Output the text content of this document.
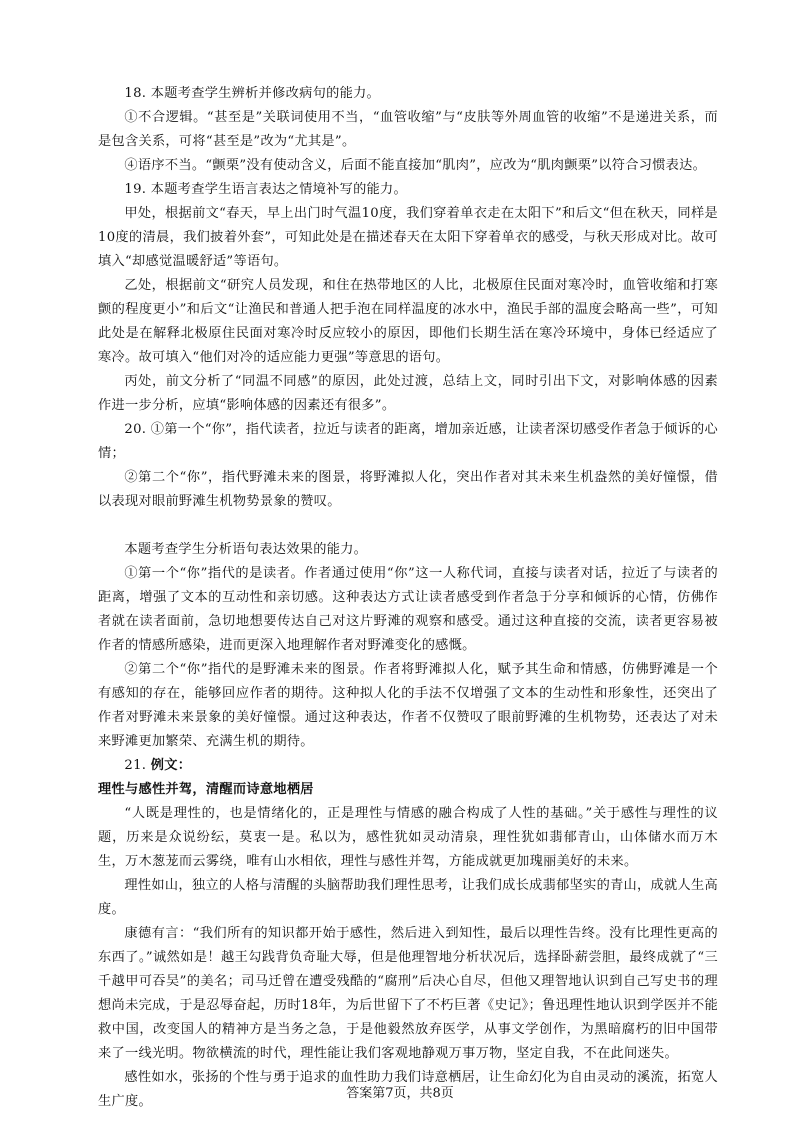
18. 本题考查学生辨析并修改病句的能力。

①不合逻辑。“甚至是”关联词使用不当，“血管收缩”与“皮肤等外周血管的收缩”不是递进关系，而是包含关系，可将“甚至是”改为“尤其是”。

④语序不当。“颤栗”没有使动含义，后面不能直接加“肌肉”，应改为“肌肉颤栗”以符合习惯表达。

19. 本题考查学生语言表达之情境补写的能力。

甲处，根据前文“春天，早上出门时气温10度，我们穿着单衣走在太阳下”和后文“但在秋天，同样是10度的清晨，我们披着外套”，可知此处是在描述春天在太阳下穿着单衣的感受，与秋天形成对比。故可填入“却感觉温暖舒适”等语句。

乙处，根据前文“研究人员发现，和住在热带地区的人比，北极原住民面对寒冷时，血管收缩和打寒颤的程度更小”和后文“让渔民和普通人把手泡在同样温度的冰水中，渔民手部的温度会略高一些”，可知此处是在解释北极原住民面对寒冷时反应较小的原因，即他们长期生活在寒冷环境中，身体已经适应了寒冷。故可填入“他们对冷的适应能力更强”等意思的语句。

丙处，前文分析了“同温不同感”的原因，此处过渡，总结上文，同时引出下文，对影响体感的因素作进一步分析，应填“影响体感的因素还有很多”。

20. ①第一个“你”，指代读者，拉近与读者的距离，增加亲近感，让读者深切感受作者急于倾诉的心情；

②第二个“你”，指代野滩未来的图景，将野滩拟人化，突出作者对其未来生机盎然的美好憧憬，借以表现对眼前野滩生机物势景象的赞叹。

本题考查学生分析语句表达效果的能力。

①第一个“你”指代的是读者。作者通过使用“你”这一人称代词，直接与读者对话，拉近了与读者的距离，增强了文本的互动性和亲切感。这种表达方式让读者感受到作者急于分享和倾诉的心情，仿佛作者就在读者面前，急切地想要传达自己对这片野滩的观察和感受。通过这种直接的交流，读者更容易被作者的情感所感染，进而更深入地理解作者对野滩变化的感慨。

②第二个“你”指代的是野滩未来的图景。作者将野滩拟人化，赋予其生命和情感，仿佛野滩是一个有感知的存在，能够回应作者的期待。这种拟人化的手法不仅增强了文本的生动性和形象性，还突出了作者对野滩未来景象的美好憧憬。通过这种表达，作者不仅赞叹了眼前野滩的生机物势，还表达了对未来野滩更加繁荣、充满生机的期待。

21. 例文：

理性与感性并驾，清醒而诗意地栖居

“人既是理性的，也是情绪化的，正是理性与情感的融合构成了人性的基础。”关于感性与理性的议题，历来是众说纷纭，莫衷一是。私以为，感性犹如灵动清泉，理性犹如翡郁青山，山体储水而万木生，万木葱茏而云雾绕，唯有山水相依，理性与感性并驾，方能成就更加瑰丽美好的未来。

理性如山，独立的人格与清醒的头脑帮助我们理性思考，让我们成长成翡郁坚实的青山，成就人生高度。

康德有言：“我们所有的知识都开始于感性，然后进入到知性，最后以理性告终。没有比理性更高的东西了。”诚然如是！越王勾践背负奇耻大辱，但是他理智地分析状况后，选择卧薪尝胆，最终成就了“三千越甲可吞吴”的美名；司马迁曾在遭受残酷的“腐刑”后决心自尽，但他又理智地认识到自己写史书的理想尚未完成，于是忍辱奋起，历时18年，为后世留下了不朽巨著《史记》；鲁迅理性地认识到学医并不能救中国，改变国人的精神方是当务之急，于是他毅然放弃医学，从事文学创作，为黑暗腐朽的旧中国带来了一线光明。物欲横流的时代，理性能让我们客观地静观万事万物，坚定自我，不在此间迷失。

感性如水，张扬的个性与勇于追求的血性助力我们诗意栖居，让生命幻化为自由灵动的溪流，拓宽人生广度。

答案第7页，共8页
